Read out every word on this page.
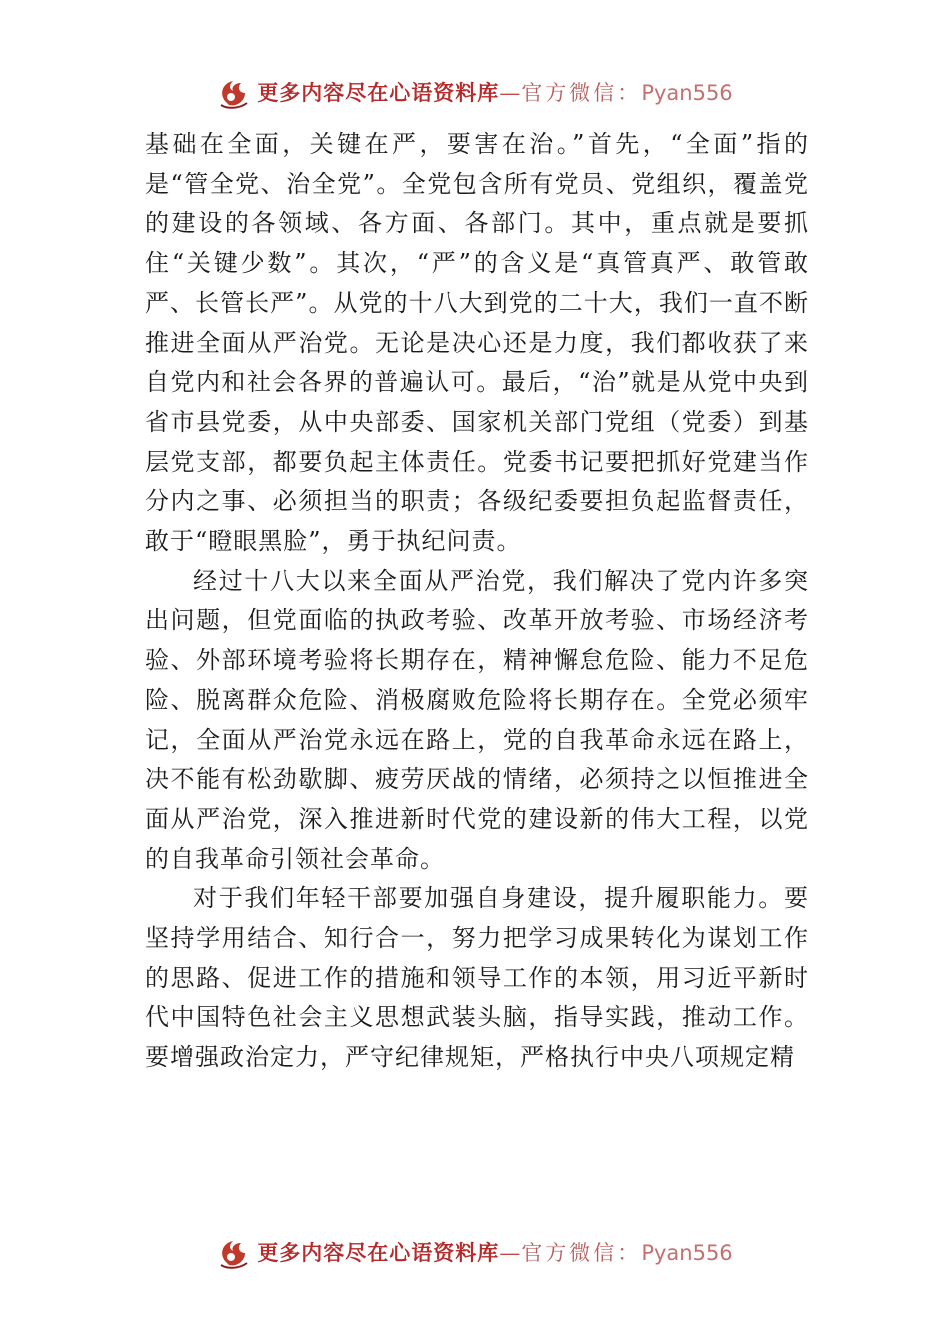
更多内容尽在心语资料库—官方微信：Pyan556

基础在全面，关键在严，要害在治。”首先，“全面”指的是“管全党、治全党”。全党包含所有党员、党组织，覆盖党的建设的各领域、各方面、各部门。其中，重点就是要抓住“关键少数”。其次，“严”的含义是“真管真严、敢管敢严、长管长严”。从党的十八大到党的二十大，我们一直不断推进全面从严治党。无论是决心还是力度，我们都收获了来自党内和社会各界的普遍认可。最后，“治”就是从党中央到省市县党委，从中央部委、国家机关部门党组（党委）到基层党支部，都要负起主体责任。党委书记要把抓好党建当作分内之事、必须担当的职责；各级纪委要担负起监督责任，敢于“瞪眼黑脸”，勇于执纪问责。

经过十八大以来全面从严治党，我们解决了党内许多突出问题，但党面临的执政考验、改革开放考验、市场经济考验、外部环境考验将长期存在，精神懈怠危险、能力不足危险、脱离群众危险、消极腐败危险将长期存在。全党必须牢记，全面从严治党永远在路上，党的自我革命永远在路上，决不能有松劲歇脚、疲劳厌战的情绪，必须持之以恒推进全面从严治党，深入推进新时代党的建设新的伟大工程，以党的自我革命引领社会革命。

对于我们年轻干部要加强自身建设，提升履职能力。要坚持学用结合、知行合一，努力把学习成果转化为谋划工作的思路、促进工作的措施和领导工作的本领，用习近平新时代中国特色社会主义思想武装头脑，指导实践，推动工作。要增强政治定力，严守纪律规矩，严格执行中央八项规定精

更多内容尽在心语资料库—官方微信：Pyan556
